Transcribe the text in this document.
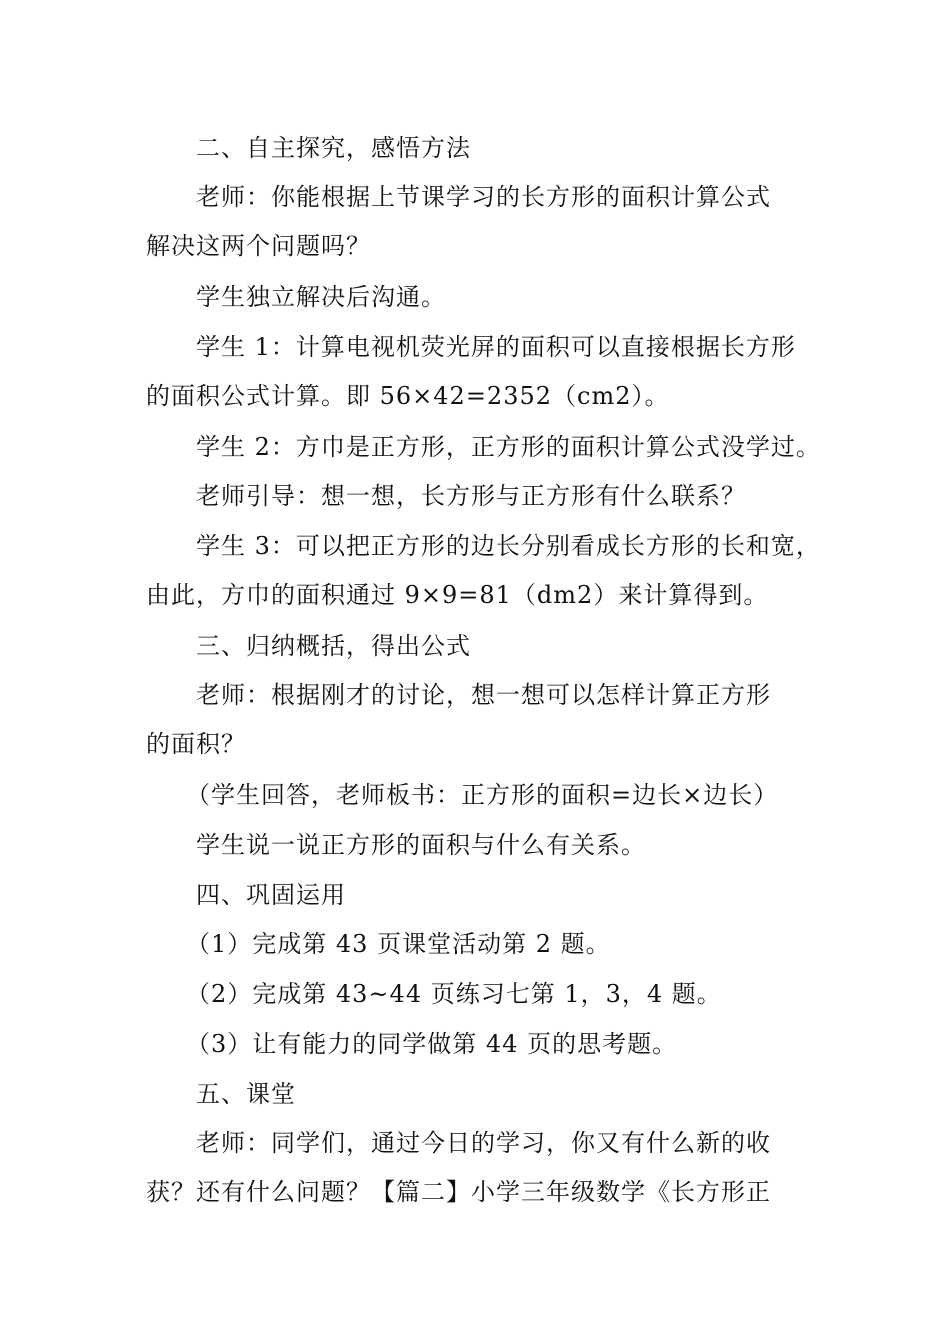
二、自主探究，感悟方法

老师：你能根据上节课学习的长方形的面积计算公式
解决这两个问题吗？

学生独立解决后沟通。

学生 1：计算电视机荧光屏的面积可以直接根据长方形
的面积公式计算。即 56×42=2352（cm2）。

学生 2：方巾是正方形，正方形的面积计算公式没学过。

老师引导：想一想，长方形与正方形有什么联系？

学生 3：可以把正方形的边长分别看成长方形的长和宽，
由此，方巾的面积通过 9×9=81（dm2）来计算得到。

三、归纳概括，得出公式

老师：根据刚才的讨论，想一想可以怎样计算正方形
的面积？

（学生回答，老师板书：正方形的面积=边长×边长）

学生说一说正方形的面积与什么有关系。

四、巩固运用

（1）完成第 43 页课堂活动第 2 题。

（2）完成第 43~44 页练习七第 1，3，4 题。

（3）让有能力的同学做第 44 页的思考题。

五、课堂

老师：同学们，通过今日的学习，你又有什么新的收
获？还有什么问题？【篇二】小学三年级数学《长方形正
